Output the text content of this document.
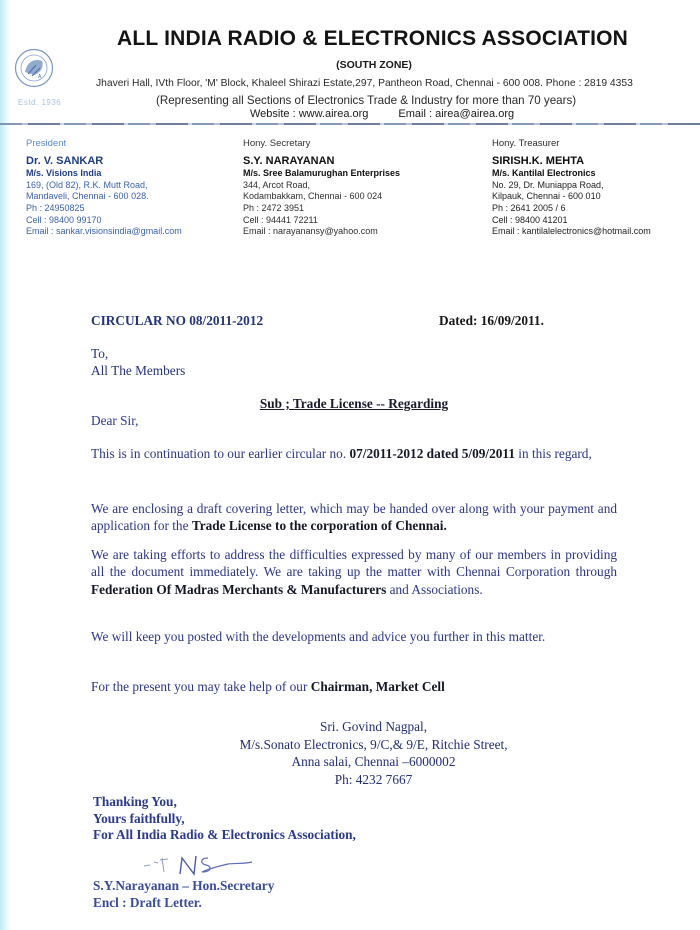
A
Estd. 1936
ALL INDIA RADIO & ELECTRONICS ASSOCIATION
(SOUTH ZONE)
Jhaveri Hall, IVth Floor, 'M' Block, Khaleel Shirazi Estate,297, Pantheon Road, Chennai - 600 008. Phone : 2819 4353
(Representing all Sections of Electronics Trade & Industry for more than 70 years)
Website : www.airea.org	Email : airea@airea.org
President
Dr. V. SANKAR
M/s. Visions India
169, (Old 82), R.K. Mutt Road,
Mandaveli, Chennai - 600 028.
Ph : 24950825
Cell : 98400 99170
Email : sankar.visionsindia@gmail.com
Hony. Secretary
S.Y. NARAYANAN
M/s. Sree Balamurughan Enterprises
344, Arcot Road,
Kodambakkam, Chennai - 600 024
Ph : 2472 3951
Cell : 94441 72211
Email : narayanansy@yahoo.com
Hony. Treasurer
SIRISH.K. MEHTA
M/s. Kantilal Electronics
No. 29, Dr. Muniappa Road,
Kilpauk, Chennai - 600 010
Ph : 2641 2005 / 6
Cell : 98400 41201
Email : kantilalelectronics@hotmail.com
CIRCULAR NO 08/2011-2012	Dated: 16/09/2011.
To,
All The Members
Sub ; Trade License -- Regarding
Dear Sir,
This is in continuation to our earlier circular no. 07/2011-2012 dated 5/09/2011 in this regard,
We are enclosing a draft covering letter, which may be handed over along with your payment and application for the Trade License to the corporation of Chennai.
We are taking efforts to address the difficulties expressed by many of our members in providing all the document immediately. We are taking up the matter with Chennai Corporation through Federation Of Madras Merchants & Manufacturers and Associations.
We will keep you posted with the developments and advice you further in this matter.
For the present you may take help of our Chairman, Market Cell
Sri. Govind Nagpal,
M/s.Sonato Electronics, 9/C,& 9/E, Ritchie Street,
Anna salai, Chennai –6000002
Ph: 4232 7667
Thanking You,
Yours faithfully,
For All India Radio & Electronics Association,
S.Y.Narayanan – Hon.Secretary
Encl : Draft Letter.
